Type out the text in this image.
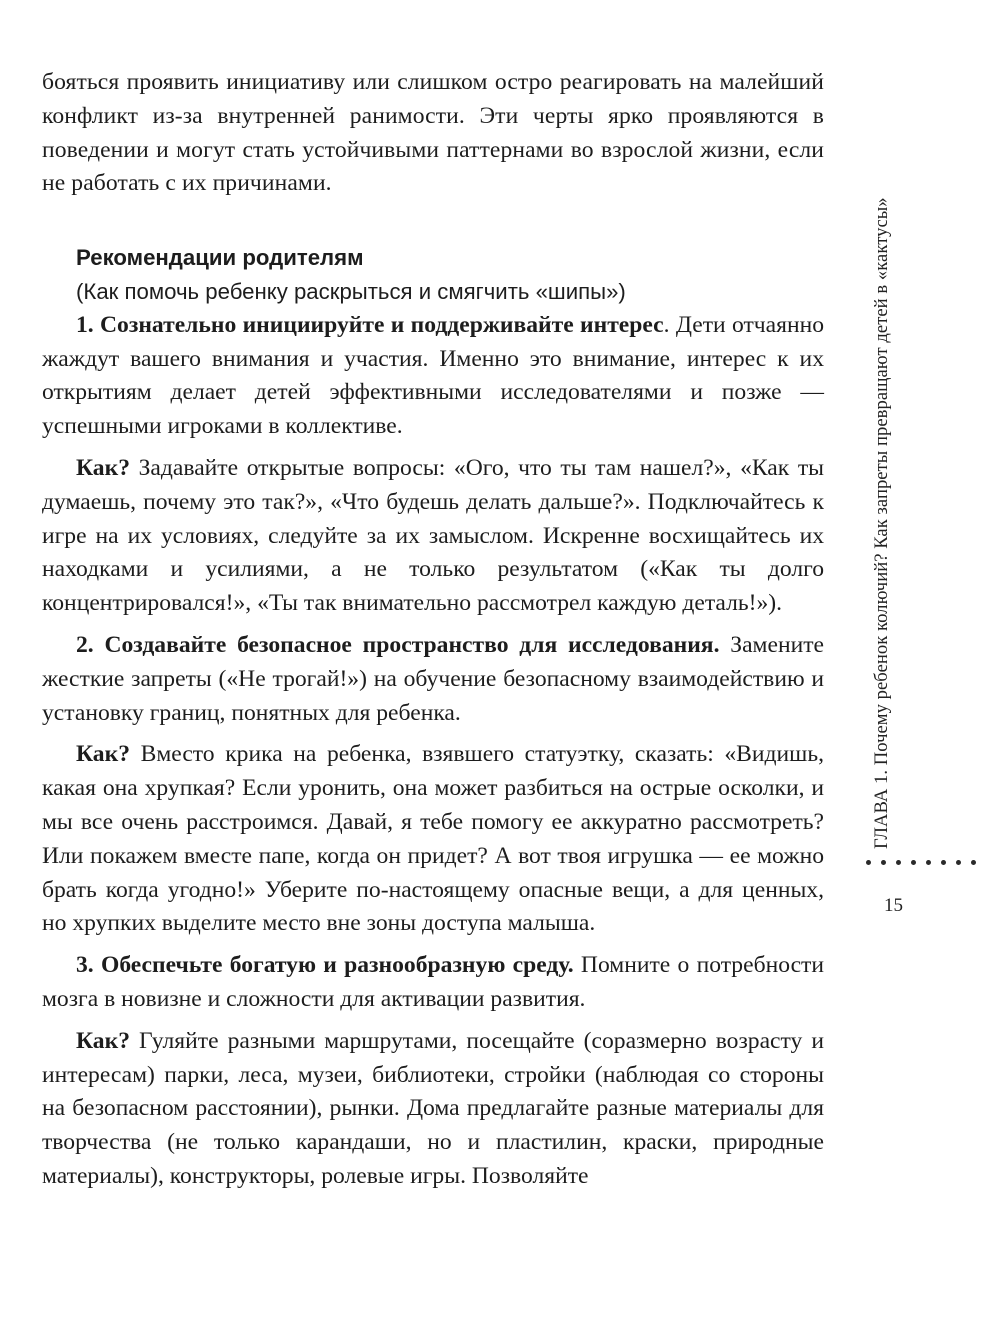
бояться проявить инициативу или слишком остро реагировать на малейший конфликт из-за внутренней ранимости. Эти черты ярко проявляются в поведении и могут стать устойчивыми паттернами во взрослой жизни, если не работать с их причинами.

Рекомендации родителям

(Как помочь ребенку раскрыться и смягчить «шипы»)

1. Сознательно инициируйте и поддерживайте интерес. Дети отчаянно жаждут вашего внимания и участия. Именно это внимание, интерес к их открытиям делает детей эффективными исследователями и позже — успешными игроками в коллективе.

Как? Задавайте открытые вопросы: «Ого, что ты там нашел?», «Как ты думаешь, почему это так?», «Что будешь делать дальше?». Подключайтесь к игре на их условиях, следуйте за их замыслом. Искренне восхищайтесь их находками и усилиями, а не только результатом («Как ты долго концентрировался!», «Ты так внимательно рассмотрел каждую деталь!»).

2. Создавайте безопасное пространство для исследования. Замените жесткие запреты («Не трогай!») на обучение безопасному взаимодействию и установку границ, понятных для ребенка.

Как? Вместо крика на ребенка, взявшего статуэтку, сказать: «Видишь, какая она хрупкая? Если уронить, она может разбиться на острые осколки, и мы все очень расстроимся. Давай, я тебе помогу ее аккуратно рассмотреть? Или покажем вместе папе, когда он придет? А вот твоя игрушка — ее можно брать когда угодно!» Уберите по-настоящему опасные вещи, а для ценных, но хрупких выделите место вне зоны доступа малыша.

3. Обеспечьте богатую и разнообразную среду. Помните о потребности мозга в новизне и сложности для активации развития.

Как? Гуляйте разными маршрутами, посещайте (соразмерно возрасту и интересам) парки, леса, музеи, библиотеки, стройки (наблюдая со стороны на безопасном расстоянии), рынки. Дома предлагайте разные материалы для творчества (не только карандаши, но и пластилин, краски, природные материалы), конструкторы, ролевые игры. Позволяйте

ГЛАВА 1. Почему ребенок колючий? Как запреты превращают детей в «кактусы»
15
